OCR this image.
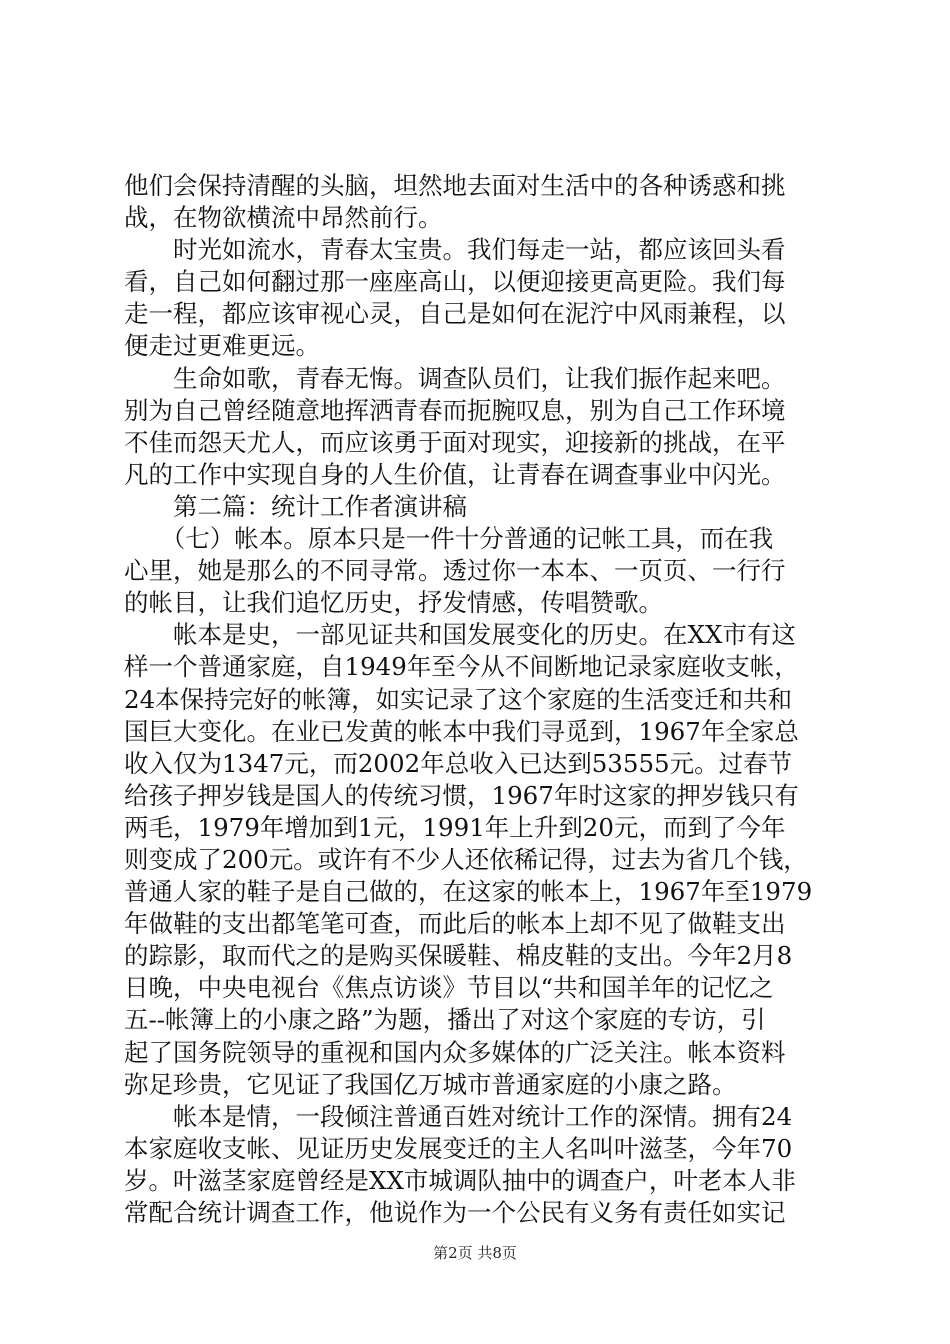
他们会保持清醒的头脑，坦然地去面对生活中的各种诱惑和挑
战，在物欲横流中昂然前行。
　　时光如流水，青春太宝贵。我们每走一站，都应该回头看
看，自己如何翻过那一座座高山，以便迎接更高更险。我们每
走一程，都应该审视心灵，自己是如何在泥泞中风雨兼程，以
便走过更难更远。
　　生命如歌，青春无悔。调查队员们，让我们振作起来吧。
别为自己曾经随意地挥洒青春而扼腕叹息，别为自己工作环境
不佳而怨天尤人，而应该勇于面对现实，迎接新的挑战，在平
凡的工作中实现自身的人生价值，让青春在调查事业中闪光。
　　第二篇：统计工作者演讲稿
　　（七）帐本。原本只是一件十分普通的记帐工具，而在我
心里，她是那么的不同寻常。透过你一本本、一页页、一行行
的帐目，让我们追忆历史，抒发情感，传唱赞歌。
　　帐本是史，一部见证共和国发展变化的历史。在XX市有这
样一个普通家庭，自1949年至今从不间断地记录家庭收支帐，
24本保持完好的帐簿，如实记录了这个家庭的生活变迁和共和
国巨大变化。在业已发黄的帐本中我们寻觅到，1967年全家总
收入仅为1347元，而2002年总收入已达到53555元。过春节
给孩子押岁钱是国人的传统习惯，1967年时这家的押岁钱只有
两毛，1979年增加到1元，1991年上升到20元，而到了今年
则变成了200元。或许有不少人还依稀记得，过去为省几个钱，
普通人家的鞋子是自己做的，在这家的帐本上，1967年至1979
年做鞋的支出都笔笔可查，而此后的帐本上却不见了做鞋支出
的踪影，取而代之的是购买保暖鞋、棉皮鞋的支出。今年2月8
日晚，中央电视台《焦点访谈》节目以“共和国羊年的记忆之
五--帐簿上的小康之路”为题，播出了对这个家庭的专访，引
起了国务院领导的重视和国内众多媒体的广泛关注。帐本资料
弥足珍贵，它见证了我国亿万城市普通家庭的小康之路。
　　帐本是情，一段倾注普通百姓对统计工作的深情。拥有24
本家庭收支帐、见证历史发展变迁的主人名叫叶滋茎，今年70
岁。叶滋茎家庭曾经是XX市城调队抽中的调查户，叶老本人非
常配合统计调查工作，他说作为一个公民有义务有责任如实记
第2页 共8页
